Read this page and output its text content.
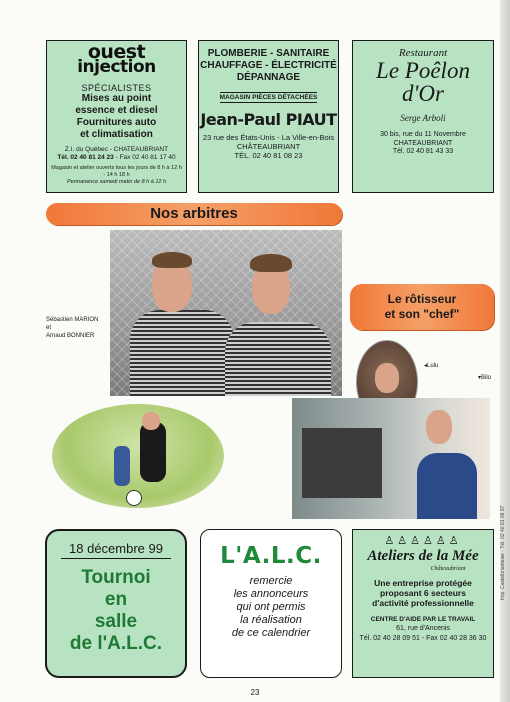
ouest
injection
SPÉCIALISTES
Mises au point
essence et diesel
Fournitures auto
et climatisation
Z.I. du Québec - CHATEAUBRIANT
Tél. 02 40 81 24 23 - Fax 02 40 81 17 40
Magasin et atelier ouverts tous les jours de 8 h à 12 h - 14 h 18 h
Permanence samedi matin de 8 h à 12 h
PLOMBERIE - SANITAIRE
CHAUFFAGE - ÉLECTRICITÉ
DÉPANNAGE
MAGASIN PIÈCES DÉTACHÉES
Jean-Paul PIAUT
23 rue des États-Unis - La Ville-en-Bois
CHÂTEAUBRIANT
TÉL. 02 40 81 08 23
Restaurant
Le Poêlon
d'Or
Serge Arboli
30 bis, rue du 11 Novembre
CHATEAUBRIANT
Tél. 02 40 81 43 33
Nos arbitres
Sébastien MARION
et
Arnaud BONNIER
Le rôtisseur
et son "chef"
◂Lulu
▾Bilo
18 décembre 99
Tournoi
en
salle
de l'A.L.C.
L'A.L.C.
remercie
les annonceurs
qui ont permis
la réalisation
de ce calendrier
♙♙♙♙♙♙
Ateliers de la Mée
Châteaubriant
Une entreprise protégée
proposant 6 secteurs
d'activité professionnelle
CENTRE D'AIDE PAR LE TRAVAIL
61, rue d'Ancenis
Tél. 02 40 28 09 51 - Fax 02 40 28 36 30
Imp. Castelbriantaise - Tél. 02 40 81 09 97
23
